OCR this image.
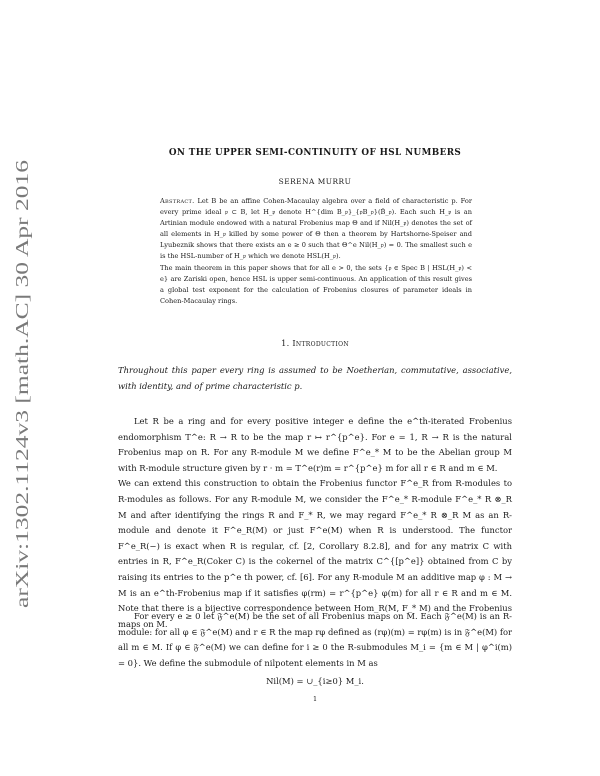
arXiv:1302.1124v3 [math.AC] 30 Apr 2016
ON THE UPPER SEMI-CONTINUITY OF HSL NUMBERS
SERENA MURRU
Abstract. Let B be an affine Cohen-Macaulay algebra over a field of characteristic p. For every prime ideal 𝔭 ⊂ B, let H_𝔭 denote H^{dim B_𝔭}_{𝔭B_𝔭}(B̂_𝔭). Each such H_𝔭 is an Artinian module endowed with a natural Frobenius map Θ and if Nil(H_𝔭) denotes the set of all elements in H_𝔭 killed by some power of Θ then a theorem by Hartshorne-Speiser and Lyubeznik shows that there exists an e ≥ 0 such that Θ^e Nil(H_𝔭) = 0. The smallest such e is the HSL-number of H_𝔭 which we denote HSL(H_𝔭).
The main theorem in this paper shows that for all e > 0, the sets {𝔭 ∈ Spec B | HSL(H_𝔭) < e} are Zariski open, hence HSL is upper semi-continuous. An application of this result gives a global test exponent for the calculation of Frobenius closures of parameter ideals in Cohen-Macaulay rings.
1. Introduction
Throughout this paper every ring is assumed to be Noetherian, commutative, associative, with identity, and of prime characteristic p.

Let R be a ring and for every positive integer e define the e^th-iterated Frobenius endomorphism T^e: R → R to be the map r ↦ r^{p^e}. For e = 1, R → R is the natural Frobenius map on R. For any R-module M we define F^e_* M to be the Abelian group M with R-module structure given by r · m = T^e(r)m = r^{p^e} m for all r ∈ R and m ∈ M.

We can extend this construction to obtain the Frobenius functor F^e_R from R-modules to R-modules as follows. For any R-module M, we consider the F^e_* R-module F^e_* R ⊗_R M and after identifying the rings R and F_* R, we may regard F^e_* R ⊗_R M as an R-module and denote it F^e_R(M) or just F^e(M) when R is understood. The functor F^e_R(−) is exact when R is regular, cf. [2, Corollary 8.2.8], and for any matrix C with entries in R, F^e_R(Coker C) is the cokernel of the matrix C^{[p^e]} obtained from C by raising its entries to the p^e th power, cf. [6]. For any R-module M an additive map φ : M → M is an e^th-Frobenius map if it satisfies φ(rm) = r^{p^e} φ(m) for all r ∈ R and m ∈ M. Note that there is a bijective correspondence between Hom_R(M, F_* M) and the Frobenius maps on M.

For every e ≥ 0 let 𝔉^e(M) be the set of all Frobenius maps on M. Each 𝔉^e(M) is an R-module: for all φ ∈ 𝔉^e(M) and r ∈ R the map rφ defined as (rφ)(m) = rφ(m) is in 𝔉^e(M) for all m ∈ M. If φ ∈ 𝔉^e(M) we can define for i ≥ 0 the R-submodules M_i = {m ∈ M | φ^i(m) = 0}. We define the submodule of nilpotent elements in M as

Nil(M) = ∪_{i≥0} M_i.
1
